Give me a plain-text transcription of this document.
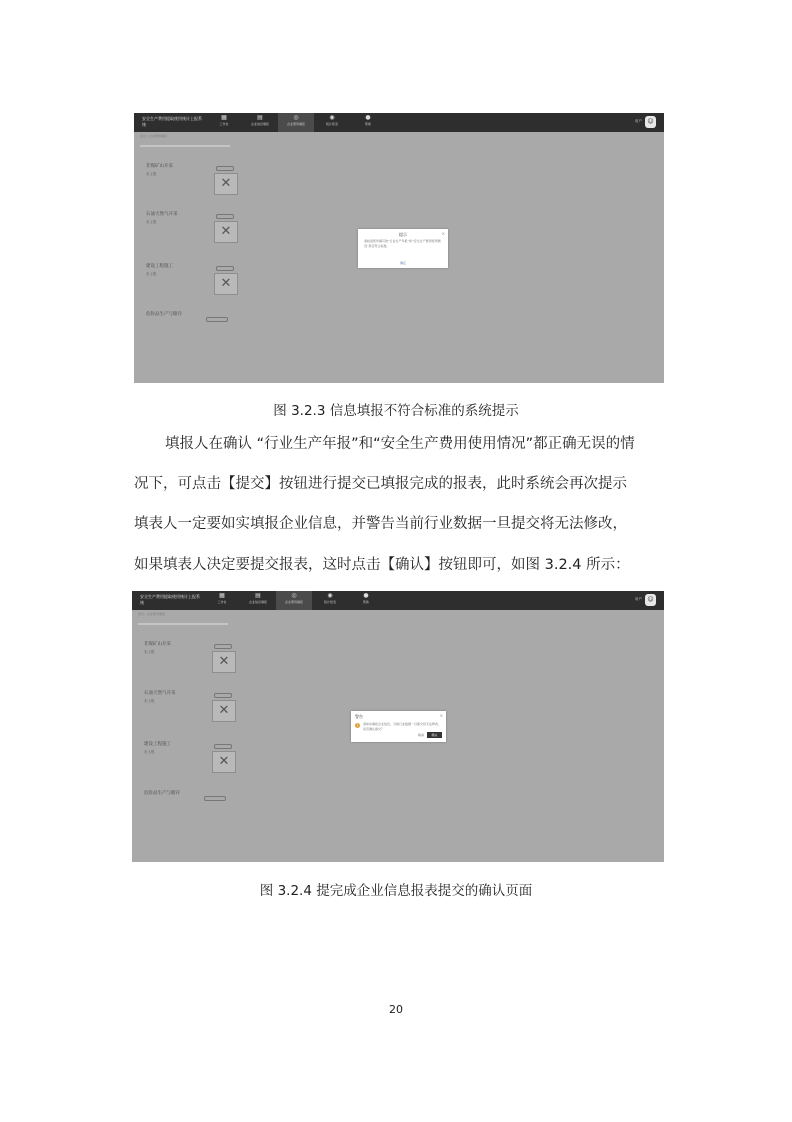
安全生产费用提取使用统计上报系统
▦
工作台
▤
企业信息填报
◎
企业费用填报
◉
统计报表
●
帮助
用户 ☺
首页 / 企业费用填报
非煤矿山开采
未上报
✕
石油天然气开采
未上报
✕
建设工程施工
未上报
✕
危险品生产与储存
提示	×
请检查您所填写的“行业生产年报”和“安全生产费用使用情况”是否符合标准。
确定
图 3.2.3 信息填报不符合标准的系统提示
填报人在确认 “行业生产年报”和“安全生产费用使用情况”都正确无误的情
况下，可点击【提交】按钮进行提交已填报完成的报表，此时系统会再次提示
填表人一定要如实填报企业信息，并警告当前行业数据一旦提交将无法修改，
如果填表人决定要提交报表，这时点击【确认】按钮即可，如图 3.2.4 所示：
安全生产费用提取使用统计上报系统
▦
工作台
▤
企业信息填报
◎
企业费用填报
◉
统计报表
●
帮助
用户 ☺
首页 / 企业费用填报
非煤矿山开采
未上报
✕
石油天然气开采
未上报
✕
建设工程施工
未上报
✕
危险品生产与储存
警告	×
!	请如实填报企业信息，当前行业数据一旦提交将无法修改，是否确认提交？
取消	确认
图 3.2.4 提完成企业信息报表提交的确认页面
20
